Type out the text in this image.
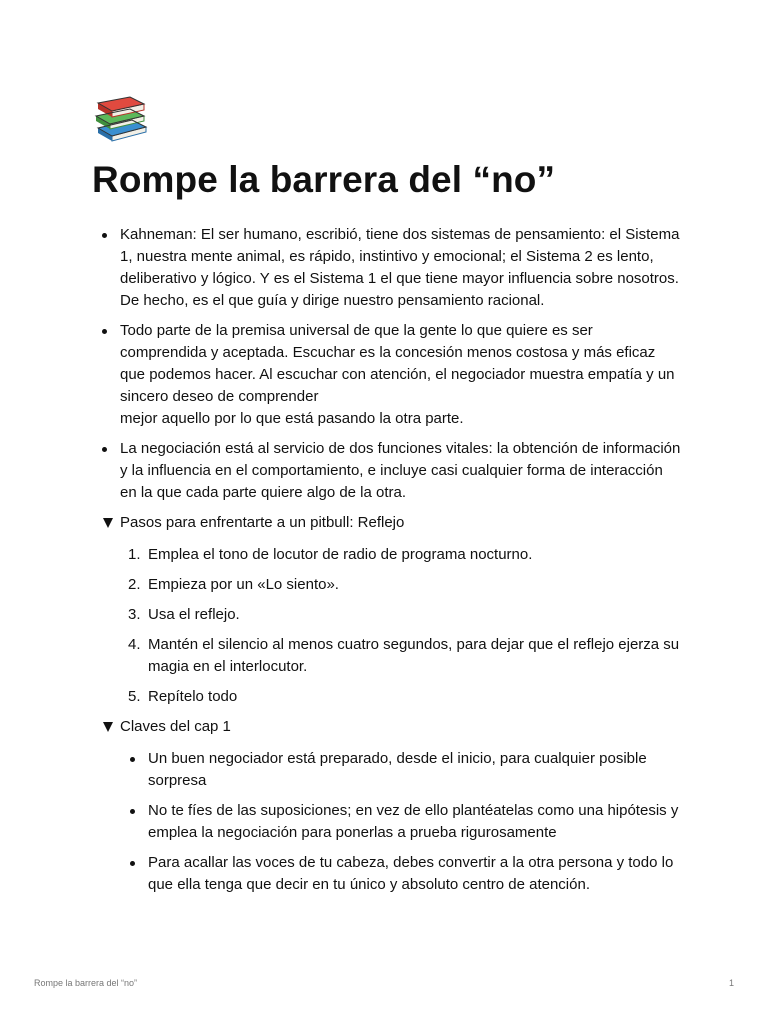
Rompe la barrera del “no”
Kahneman: El ser humano, escribió, tiene dos sistemas de pensamiento: el Sistema 1, nuestra mente animal, es rápido, instintivo y emocional; el Sistema 2 es lento, deliberativo y lógico. Y es el Sistema 1 el que tiene mayor influencia sobre nosotros. De hecho, es el que guía y dirige nuestro pensamiento racional.
Todo parte de la premisa universal de que la gente lo que quiere es ser comprendida y aceptada. Escuchar es la concesión menos costosa y más eficaz que podemos hacer. Al escuchar con atención, el negociador muestra empatía y un sincero deseo de comprender
mejor aquello por lo que está pasando la otra parte.
La negociación está al servicio de dos funciones vitales: la obtención de información y la influencia en el comportamiento, e incluye casi cualquier forma de interacción en la que cada parte quiere algo de la otra.
Pasos para enfrentarte a un pitbull: Reflejo
1. Emplea el tono de locutor de radio de programa nocturno.
2. Empieza por un «Lo siento».
3. Usa el reflejo.
4. Mantén el silencio al menos cuatro segundos, para dejar que el reflejo ejerza su magia en el interlocutor.
5. Repítelo todo
Claves del cap 1
Un buen negociador está preparado, desde el inicio, para cualquier posible sorpresa
No te fíes de las suposiciones; en vez de ello plantéatelas como una hipótesis y emplea la negociación para ponerlas a prueba rigurosamente
Para acallar las voces de tu cabeza, debes convertir a la otra persona y todo lo que ella tenga que decir en tu único y absoluto centro de atención.
Rompe la barrera del “no”	1
